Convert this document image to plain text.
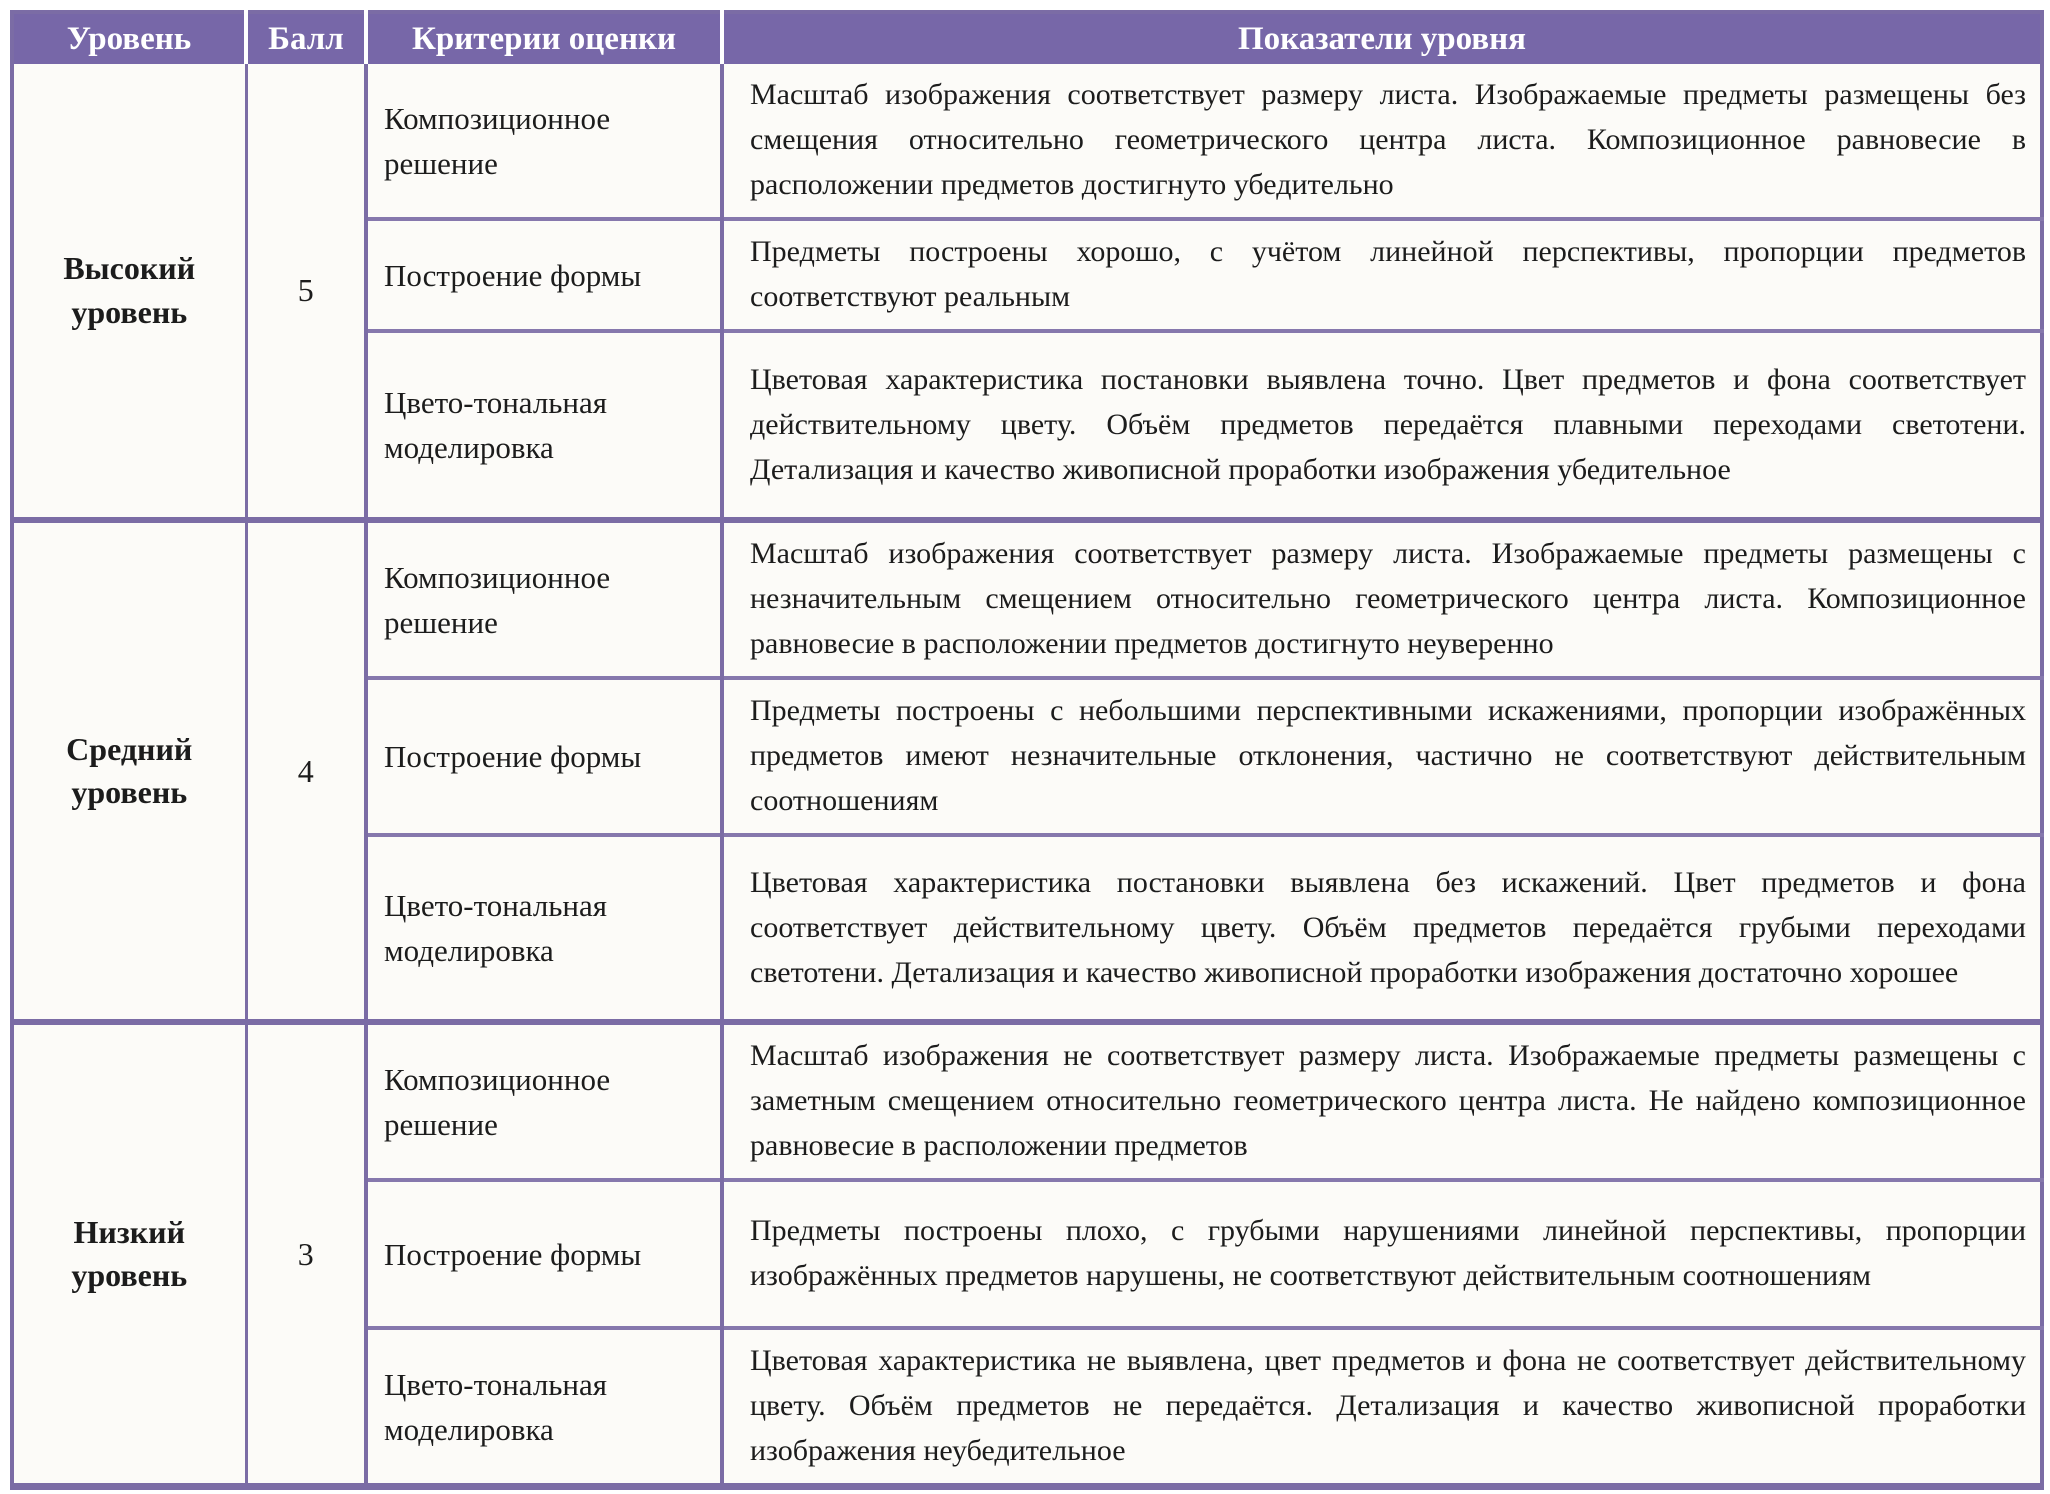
Уровень	Балл	Критерии оценки	Показатели уровня
Высокий уровень	5	Композиционное решение	Масштаб изображения соответствует размеру листа. Изображаемые предметы размещены без смещения относительно геометрического центра листа. Композиционное равновесие в расположении предметов достигнуто убедительно
		Построение формы	Предметы построены хорошо, с учётом линейной перспективы, пропорции предметов соответствуют реальным
		Цвето-тональная моделировка	Цветовая характеристика постановки выявлена точно. Цвет предметов и фона соответствует действительному цвету. Объём предметов передаётся плавными переходами светотени. Детализация и качество живописной проработки изображения убедительное
Средний уровень	4	Композиционное решение	Масштаб изображения соответствует размеру листа. Изображаемые предметы размещены с незначительным смещением относительно геометрического центра листа. Композиционное равновесие в расположении предметов достигнуто неуверенно
		Построение формы	Предметы построены с небольшими перспективными искажениями, пропорции изображённых предметов имеют незначительные отклонения, частично не соответствуют действительным соотношениям
		Цвето-тональная моделировка	Цветовая характеристика постановки выявлена без искажений. Цвет предметов и фона соответствует действительному цвету. Объём предметов передаётся грубыми переходами светотени. Детализация и качество живописной проработки изображения достаточно хорошее
Низкий уровень	3	Композиционное решение	Масштаб изображения не соответствует размеру листа. Изображаемые предметы размещены с заметным смещением относительно геометрического центра листа. Не найдено композиционное равновесие в расположении предметов
		Построение формы	Предметы построены плохо, с грубыми нарушениями линейной перспективы, пропорции изображённых предметов нарушены, не соответствуют действительным соотношениям
		Цвето-тональная моделировка	Цветовая характеристика не выявлена, цвет предметов и фона не соответствует действительному цвету. Объём предметов не передаётся. Детализация и качество живописной проработки изображения неубедительное
